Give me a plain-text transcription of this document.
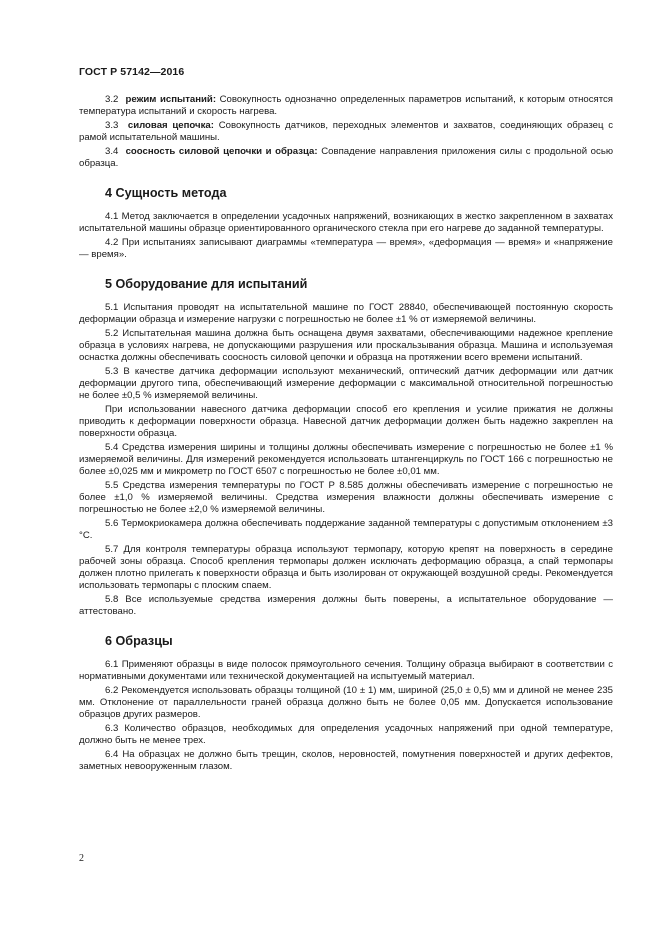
ГОСТ Р 57142—2016

3.2 режим испытаний: Совокупность однозначно определенных параметров испытаний, к которым относятся температура испытаний и скорость нагрева.

3.3 силовая цепочка: Совокупность датчиков, переходных элементов и захватов, соединяющих образец с рамой испытательной машины.

3.4 соосность силовой цепочки и образца: Совпадение направления приложения силы с продольной осью образца.

4 Сущность метода

4.1 Метод заключается в определении усадочных напряжений, возникающих в жестко закрепленном в захватах испытательной машины образце ориентированного органического стекла при его нагреве до заданной температуры.

4.2 При испытаниях записывают диаграммы «температура — время», «деформация — время» и «напряжение — время».

5 Оборудование для испытаний

5.1 Испытания проводят на испытательной машине по ГОСТ 28840, обеспечивающей постоянную скорость деформации образца и измерение нагрузки с погрешностью не более ±1 % от измеряемой величины.

5.2 Испытательная машина должна быть оснащена двумя захватами, обеспечивающими надежное крепление образца в условиях нагрева, не допускающими разрушения или проскальзывания образца. Машина и используемая оснастка должны обеспечивать соосность силовой цепочки и образца на протяжении всего времени испытаний.

5.3 В качестве датчика деформации используют механический, оптический датчик деформации или датчик деформации другого типа, обеспечивающий измерение деформации с максимальной относительной погрешностью не более ±0,5 % измеряемой величины.

При использовании навесного датчика деформации способ его крепления и усилие прижатия не должны приводить к деформации поверхности образца. Навесной датчик деформации должен быть надежно закреплен на поверхности образца.

5.4 Средства измерения ширины и толщины должны обеспечивать измерение с погрешностью не более ±1 % измеряемой величины. Для измерений рекомендуется использовать штангенциркуль по ГОСТ 166 с погрешностью не более ±0,025 мм и микрометр по ГОСТ 6507 с погрешностью не более ±0,01 мм.

5.5 Средства измерения температуры по ГОСТ Р 8.585 должны обеспечивать измерение с погрешностью не более ±1,0 % измеряемой величины. Средства измерения влажности должны обеспечивать измерение с погрешностью не более ±2,0 % измеряемой величины.

5.6 Термокриокамера должна обеспечивать поддержание заданной температуры с допустимым отклонением ±3 °С.

5.7 Для контроля температуры образца используют термопару, которую крепят на поверхность в середине рабочей зоны образца. Способ крепления термопары должен исключать деформацию образца, а спай термопары должен плотно прилегать к поверхности образца и быть изолирован от окружающей воздушной среды. Рекомендуется использовать термопары с плоским спаем.

5.8 Все используемые средства измерения должны быть поверены, а испытательное оборудование — аттестовано.

6 Образцы

6.1 Применяют образцы в виде полосок прямоугольного сечения. Толщину образца выбирают в соответствии с нормативными документами или технической документацией на испытуемый материал.

6.2 Рекомендуется использовать образцы толщиной (10 ± 1) мм, шириной (25,0 ± 0,5) мм и длиной не менее 235 мм. Отклонение от параллельности граней образца должно быть не более 0,05 мм. Допускается использование образцов других размеров.

6.3 Количество образцов, необходимых для определения усадочных напряжений при одной температуре, должно быть не менее трех.

6.4 На образцах не должно быть трещин, сколов, неровностей, помутнения поверхностей и других дефектов, заметных невооруженным глазом.

2
